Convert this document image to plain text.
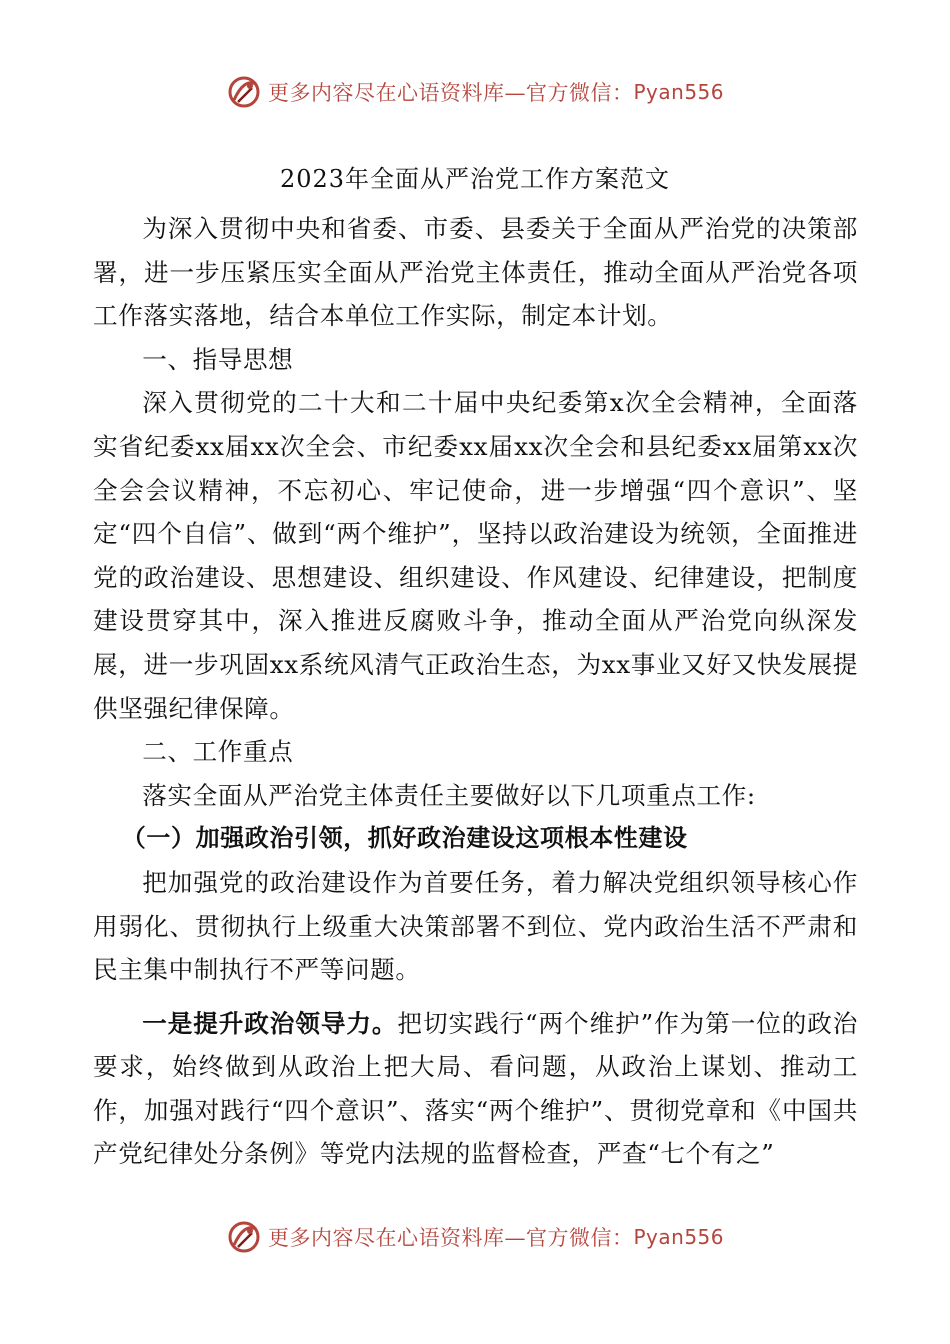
更多内容尽在心语资料库—官方微信： Pyan556
2023年全面从严治党工作方案范文

为深入贯彻中央和省委、市委、县委关于全面从严治党的决策部署，进一步压紧压实全面从严治党主体责任，推动全面从严治党各项工作落实落地，结合本单位工作实际，制定本计划。

一、指导思想

深入贯彻党的二十大和二十届中央纪委第x次全会精神，全面落实省纪委xx届xx次全会、市纪委xx届xx次全会和县纪委xx届第xx次全会会议精神，不忘初心、牢记使命，进一步增强“四个意识”、坚定“四个自信”、做到“两个维护”，坚持以政治建设为统领，全面推进党的政治建设、思想建设、组织建设、作风建设、纪律建设，把制度建设贯穿其中，深入推进反腐败斗争，推动全面从严治党向纵深发展，进一步巩固xx系统风清气正政治生态，为xx事业又好又快发展提供坚强纪律保障。

二、工作重点

落实全面从严治党主体责任主要做好以下几项重点工作:

（一）加强政治引领，抓好政治建设这项根本性建设

把加强党的政治建设作为首要任务，着力解决党组织领导核心作用弱化、贯彻执行上级重大决策部署不到位、党内政治生活不严肃和民主集中制执行不严等问题。

一是提升政治领导力。把切实践行“两个维护”作为第一位的政治要求，始终做到从政治上把大局、看问题，从政治上谋划、推动工作，加强对践行“四个意识”、落实“两个维护”、贯彻党章和《中国共产党纪律处分条例》等党内法规的监督检查，严查“七个有之”

更多内容尽在心语资料库—官方微信： Pyan556
